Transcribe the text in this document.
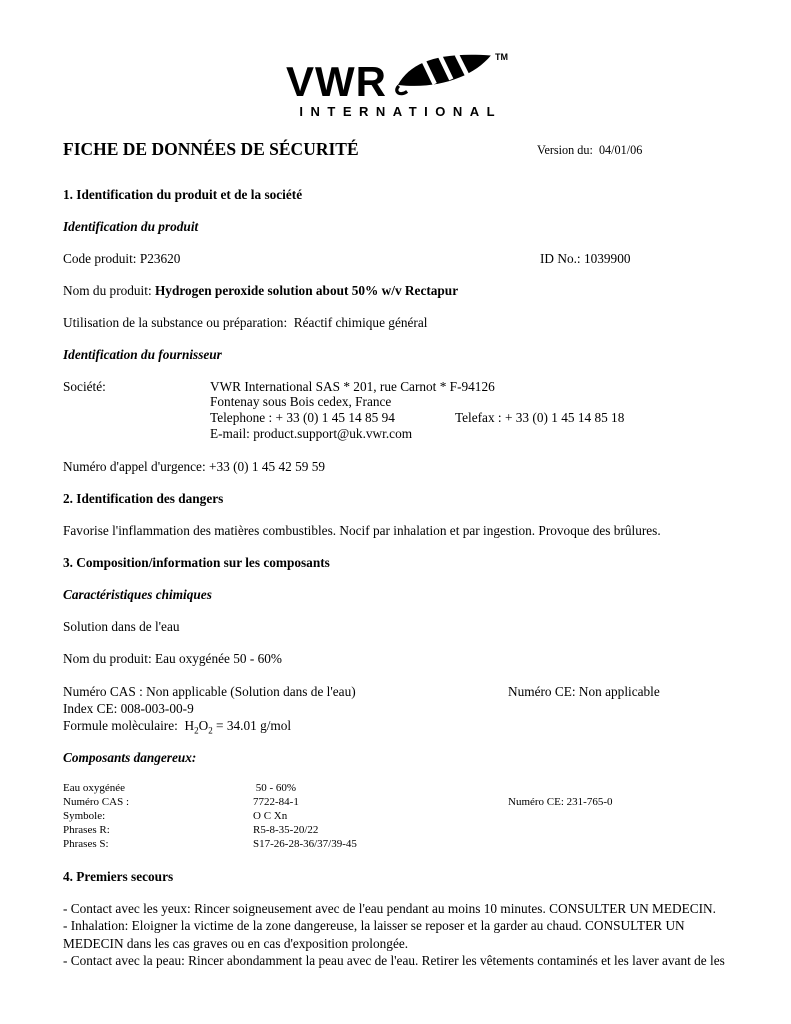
VWR
TM
INTERNATIONAL
FICHE DE DONNÉES DE SÉCURITÉ	Version du:  04/01/06
1. Identification du produit et de la société
Identification du produit
Code produit: P23620	ID No.: 1039900
Nom du produit: Hydrogen peroxide solution about 50% w/v Rectapur
Utilisation de la substance ou préparation:  Réactif chimique général
Identification du fournisseur
Société:	VWR International SAS * 201, rue Carnot * F-94126
Fontenay sous Bois cedex, France
Telephone : + 33 (0) 1 45 14 85 94	Telefax : + 33 (0) 1 45 14 85 18
E-mail: product.support@uk.vwr.com
Numéro d'appel d'urgence: +33 (0) 1 45 42 59 59
2. Identification des dangers
Favorise l'inflammation des matières combustibles. Nocif par inhalation et par ingestion. Provoque des brûlures.
3. Composition/information sur les composants
Caractéristiques chimiques
Solution dans de l'eau
Nom du produit: Eau oxygénée 50 - 60%
Numéro CAS : Non applicable (Solution dans de l'eau)	Numéro CE: Non applicable
Index CE: 008-003-00-9
Formule molèculaire:  $H_2O_2 = 34.01$ g/mol
Composants dangereux:
Eau oxygénée	50 - 60%
Numéro CAS :	7722-84-1	Numéro CE: 231-765-0
Symbole:	O C Xn
Phrases R:	R5-8-35-20/22
Phrases S:	S17-26-28-36/37/39-45
4. Premiers secours
- Contact avec les yeux: Rincer soigneusement avec de l'eau pendant au moins 10 minutes. CONSULTER UN MEDECIN.
- Inhalation: Eloigner la victime de la zone dangereuse, la laisser se reposer et la garder au chaud. CONSULTER UN MEDECIN dans les cas graves ou en cas d'exposition prolongée.
- Contact avec la peau: Rincer abondamment la peau avec de l'eau. Retirer les vêtements contaminés et les laver avant de les
